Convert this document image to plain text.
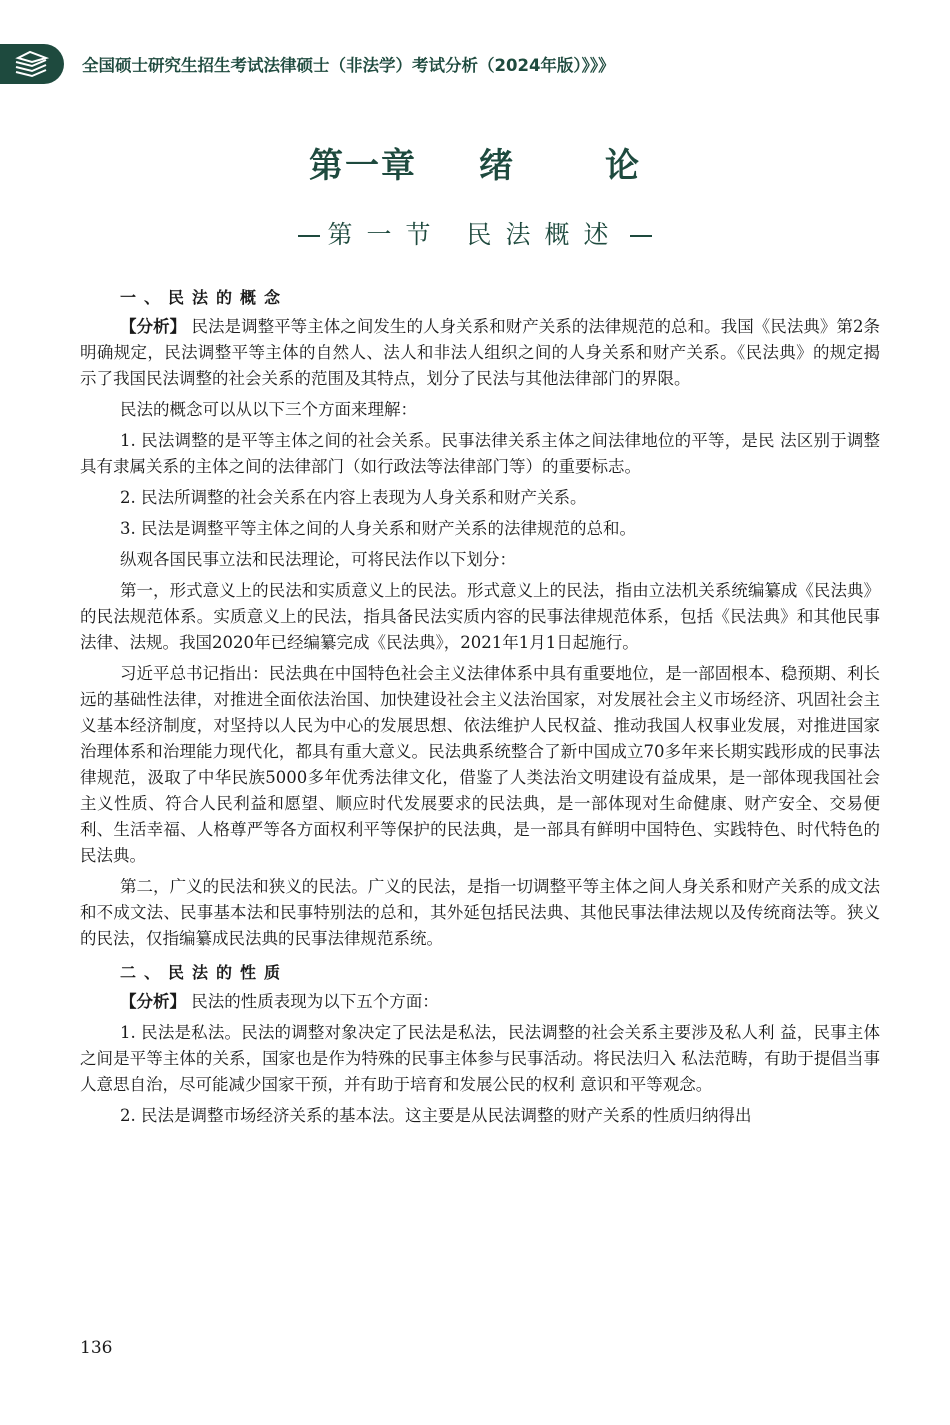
全国硕士研究生招生考试法律硕士（非法学）考试分析（2024年版）》》》
第一章 绪	论
第一节 民法概述
一、民法的概念

【分析】 民法是调整平等主体之间发生的人身关系和财产关系的法律规范的总和。我国《民法典》第2条明确规定，民法调整平等主体的自然人、法人和非法人组织之间的人身关系和财产关系。《民法典》的规定揭示了我国民法调整的社会关系的范围及其特点，划分了民法与其他法律部门的界限。

民法的概念可以从以下三个方面来理解：

1. 民法调整的是平等主体之间的社会关系。民事法律关系主体之间法律地位的平等，是民 法区别于调整具有隶属关系的主体之间的法律部门（如行政法等法律部门等）的重要标志。

2. 民法所调整的社会关系在内容上表现为人身关系和财产关系。

3. 民法是调整平等主体之间的人身关系和财产关系的法律规范的总和。

纵观各国民事立法和民法理论，可将民法作以下划分：

第一，形式意义上的民法和实质意义上的民法。形式意义上的民法，指由立法机关系统编纂成《民法典》的民法规范体系。实质意义上的民法，指具备民法实质内容的民事法律规范体系，包括《民法典》和其他民事法律、法规。我国2020年已经编纂完成《民法典》，2021年1月1日起施行。

习近平总书记指出：民法典在中国特色社会主义法律体系中具有重要地位，是一部固根本、稳预期、利长远的基础性法律，对推进全面依法治国、加快建设社会主义法治国家，对发展社会主义市场经济、巩固社会主义基本经济制度，对坚持以人民为中心的发展思想、依法维护人民权益、推动我国人权事业发展，对推进国家治理体系和治理能力现代化，都具有重大意义。民法典系统整合了新中国成立70多年来长期实践形成的民事法律规范，汲取了中华民族5000多年优秀法律文化，借鉴了人类法治文明建设有益成果，是一部体现我国社会主义性质、符合人民利益和愿望、顺应时代发展要求的民法典，是一部体现对生命健康、财产安全、交易便利、生活幸福、人格尊严等各方面权利平等保护的民法典，是一部具有鲜明中国特色、实践特色、时代特色的民法典。

第二，广义的民法和狭义的民法。广义的民法，是指一切调整平等主体之间人身关系和财产关系的成文法和不成文法、民事基本法和民事特别法的总和，其外延包括民法典、其他民事法律法规以及传统商法等。狭义的民法，仅指编纂成民法典的民事法律规范系统。

二、民法的性质

【分析】 民法的性质表现为以下五个方面：

1. 民法是私法。民法的调整对象决定了民法是私法，民法调整的社会关系主要涉及私人利 益，民事主体之间是平等主体的关系，国家也是作为特殊的民事主体参与民事活动。将民法归入 私法范畴，有助于提倡当事人意思自治，尽可能减少国家干预，并有助于培育和发展公民的权利 意识和平等观念。

2. 民法是调整市场经济关系的基本法。这主要是从民法调整的财产关系的性质归纳得出

136
